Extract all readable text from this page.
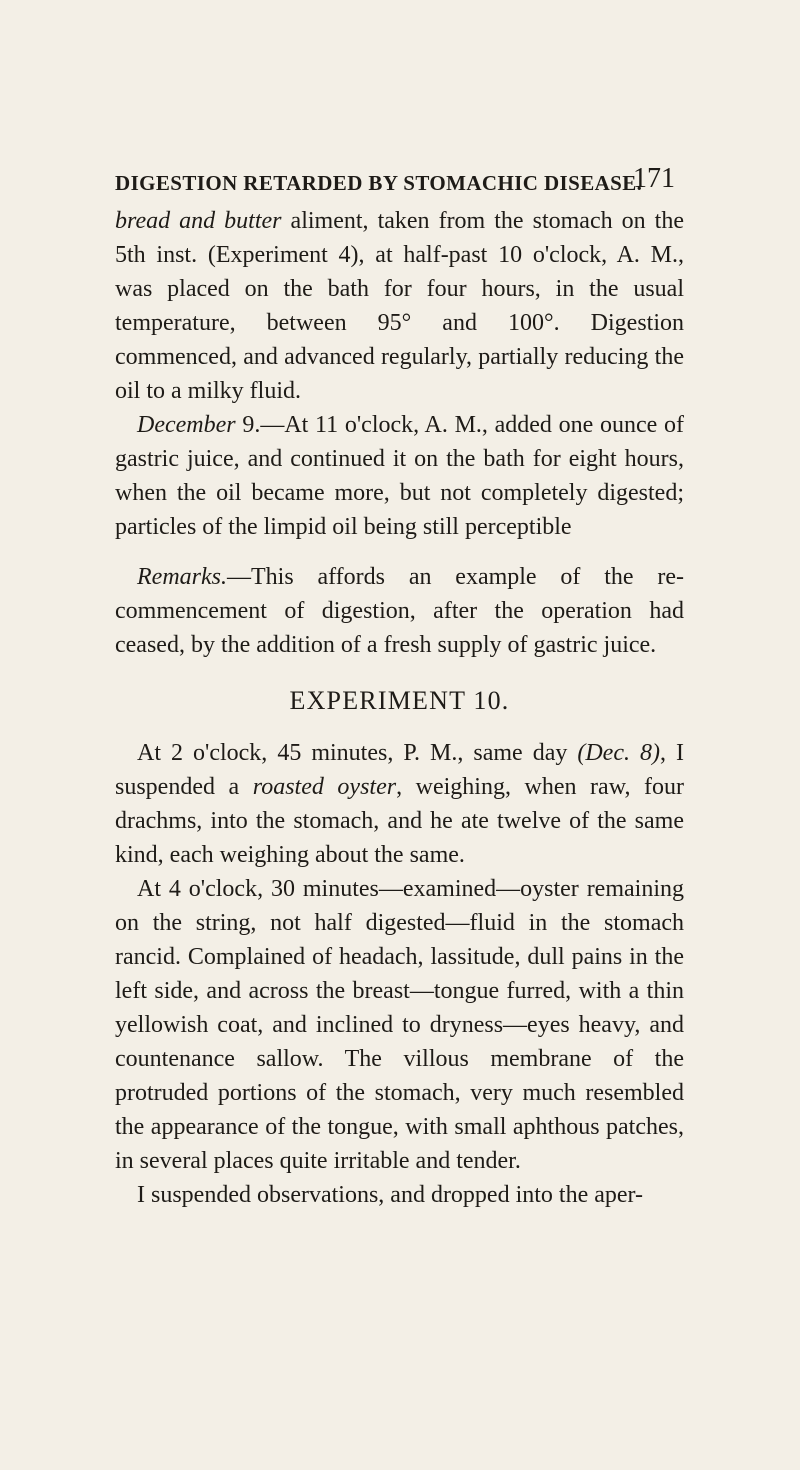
DIGESTION RETARDED BY STOMACHIC DISEASE.
171

bread and butter aliment, taken from the stomach on the 5th inst. (Experiment 4), at half-past 10 o'clock, A. M., was placed on the bath for four hours, in the usual temperature, between 95° and 100°. Digestion commenced, and advanced regularly, partially reducing the oil to a milky fluid.

December 9.—At 11 o'clock, A. M., added one ounce of gastric juice, and continued it on the bath for eight hours, when the oil became more, but not completely digested; particles of the limpid oil being still perceptible

Remarks.—This affords an example of the re-commencement of digestion, after the operation had ceased, by the addition of a fresh supply of gastric juice.

EXPERIMENT 10.

At 2 o'clock, 45 minutes, P. M., same day (Dec. 8), I suspended a roasted oyster, weighing, when raw, four drachms, into the stomach, and he ate twelve of the same kind, each weighing about the same.

At 4 o'clock, 30 minutes—examined—oyster remaining on the string, not half digested—fluid in the stomach rancid. Complained of headach, lassitude, dull pains in the left side, and across the breast—tongue furred, with a thin yellowish coat, and inclined to dryness—eyes heavy, and countenance sallow. The villous membrane of the protruded portions of the stomach, very much resembled the appearance of the tongue, with small aphthous patches, in several places quite irritable and tender.

I suspended observations, and dropped into the aper-
